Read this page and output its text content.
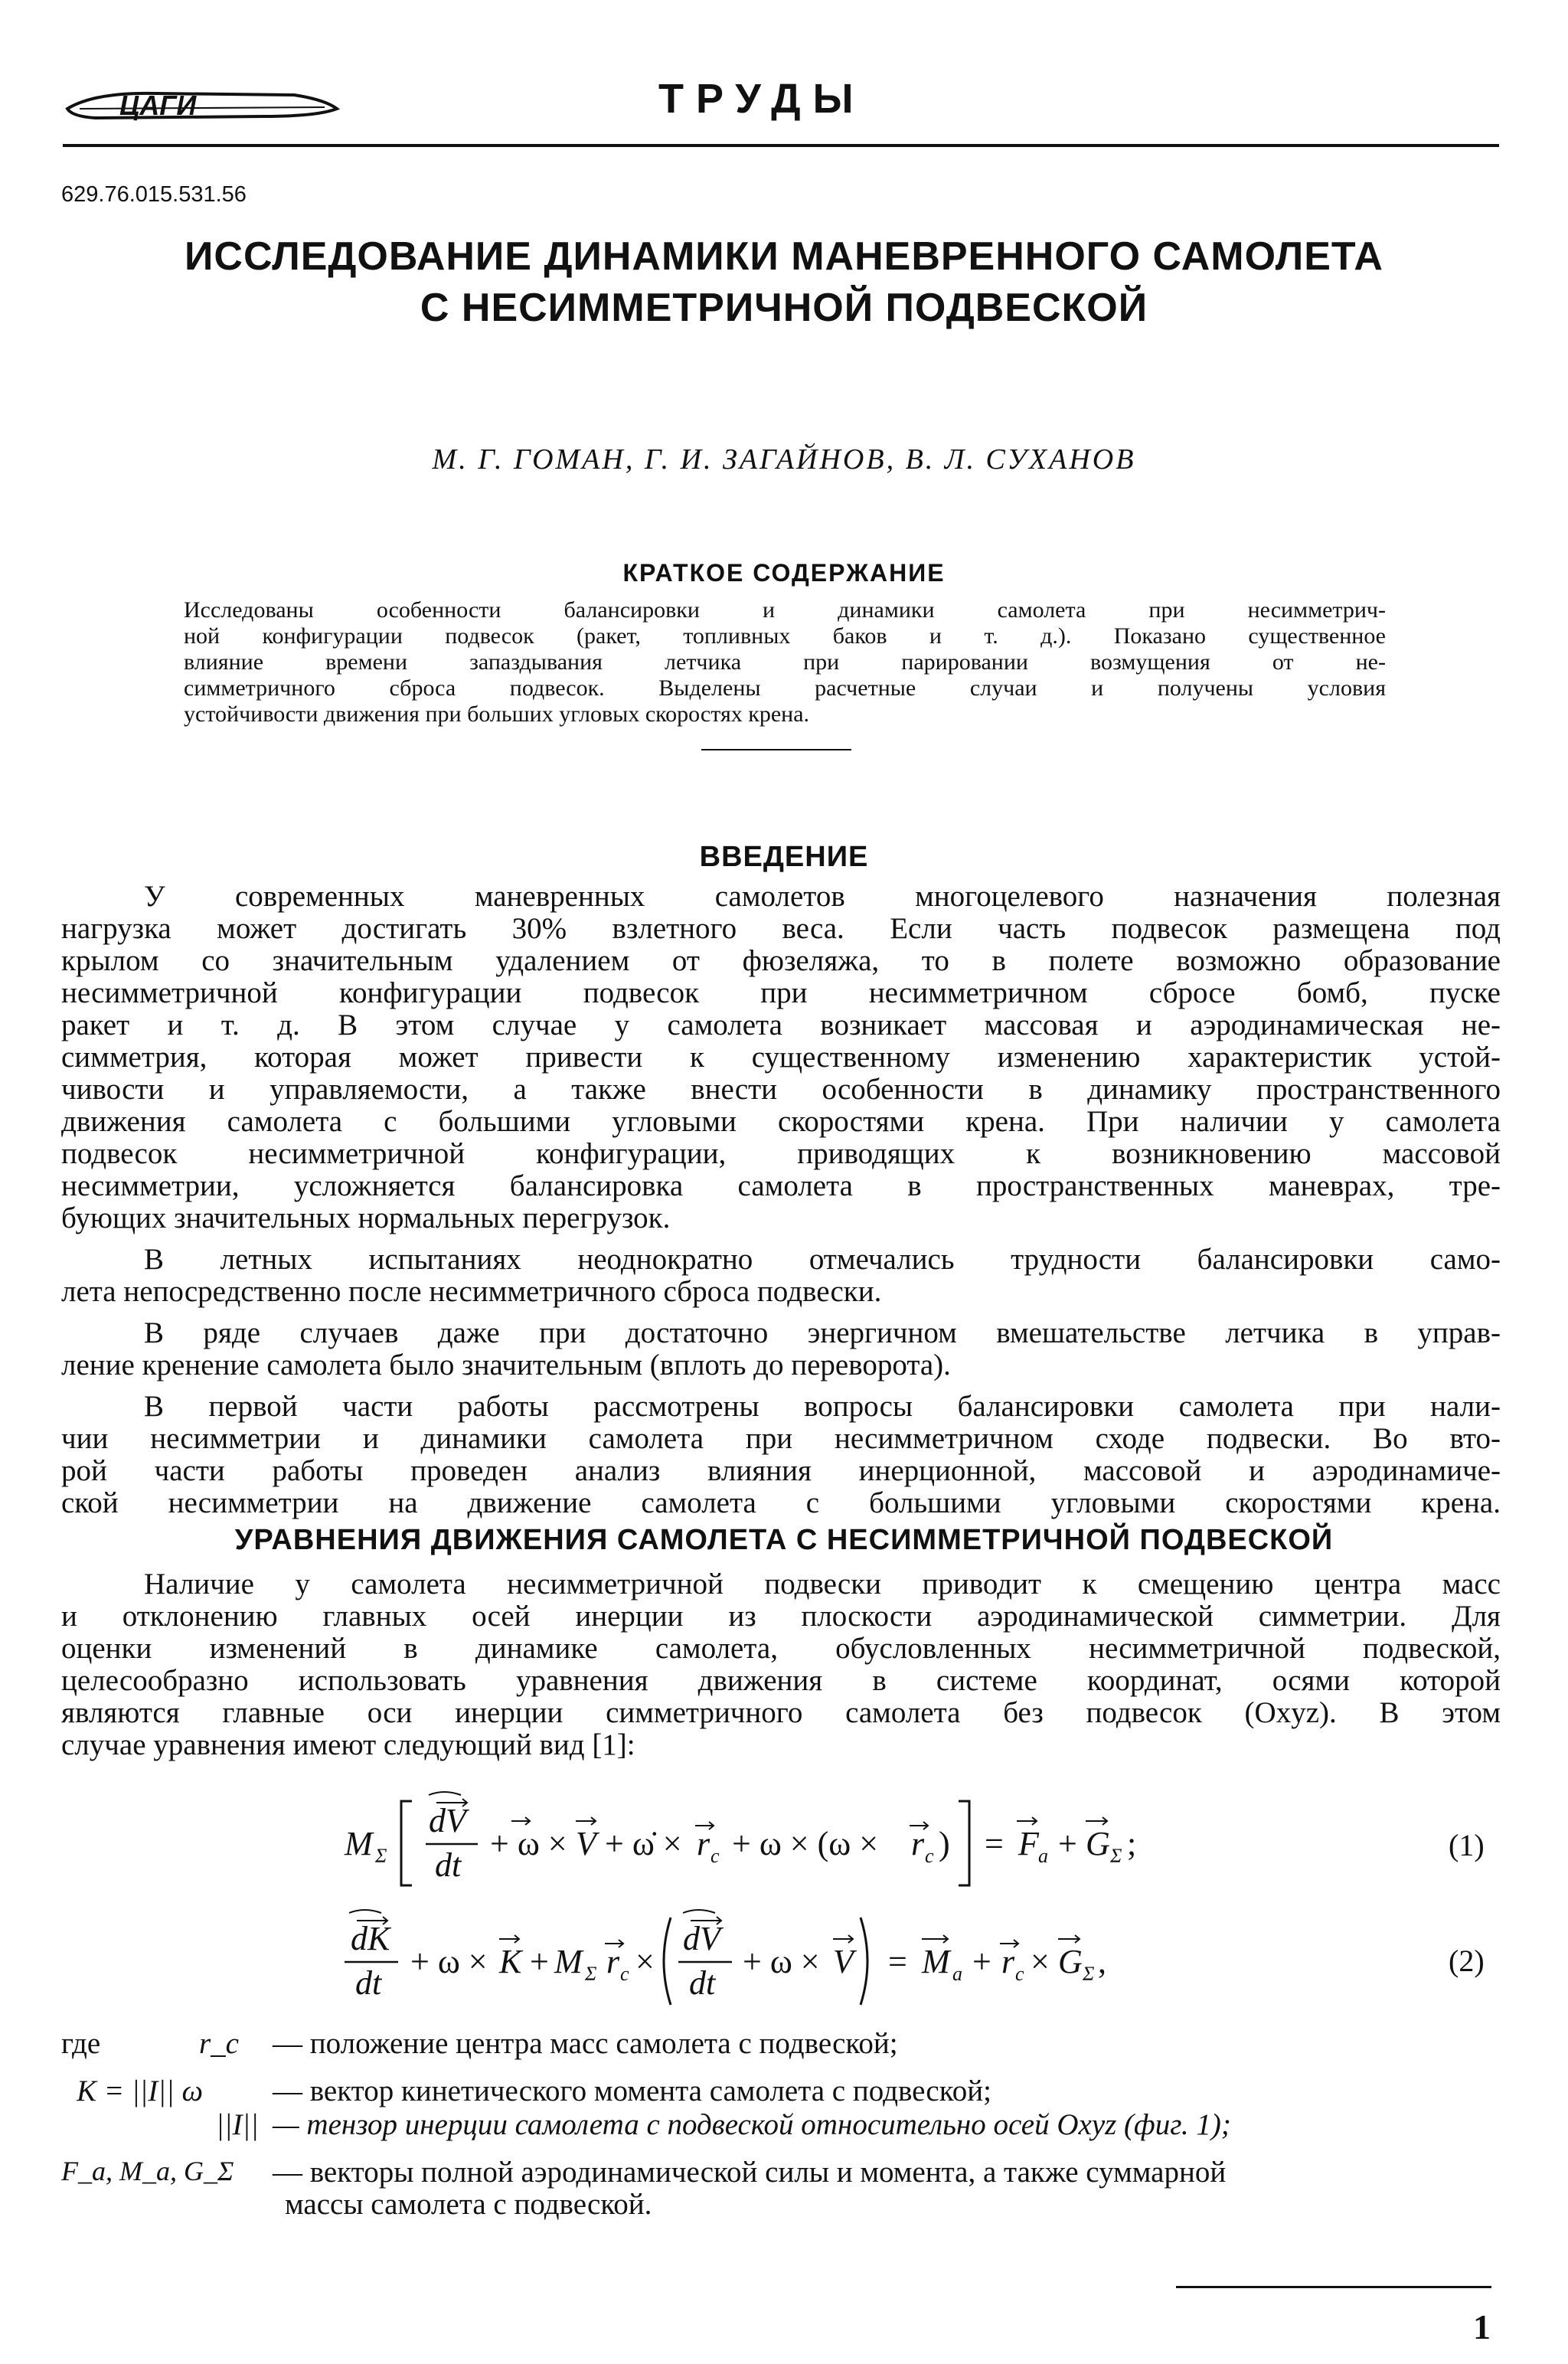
ЦАГИ	ТРУДЫ
629.76.015.531.56
ИССЛЕДОВАНИЕ ДИНАМИКИ МАНЕВРЕННОГО САМОЛЕТА
С НЕСИММЕТРИЧНОЙ ПОДВЕСКОЙ
М. Г. ГОМАН, Г. И. ЗАГАЙНОВ, В. Л. СУХАНОВ
КРАТКОЕ СОДЕРЖАНИЕ
Исследованы особенности балансировки и динамики самолета при несимметрич-
ной конфигурации подвесок (ракет, топливных баков и т. д.). Показано существенное
влияние времени запаздывания летчика при парировании возмущения от не-
симметричного сброса подвесок. Выделены расчетные случаи и получены условия
устойчивости движения при больших угловых скоростях крена.
ВВЕДЕНИЕ
У современных маневренных самолетов многоцелевого назначения полезная
нагрузка может достигать 30% взлетного веса. Если часть подвесок размещена под
крылом со значительным удалением от фюзеляжа, то в полете возможно образование
несимметричной конфигурации подвесок при несимметричном сбросе бомб, пуске
ракет и т. д. В этом случае у самолета возникает массовая и аэродинамическая не-
симметрия, которая может привести к существенному изменению характеристик устой-
чивости и управляемости, а также внести особенности в динамику пространственного
движения самолета с большими угловыми скоростями крена. При наличии у самолета
подвесок несимметричной конфигурации, приводящих к возникновению массовой
несимметрии, усложняется балансировка самолета в пространственных маневрах, тре-
бующих значительных нормальных перегрузок.
В летных испытаниях неоднократно отмечались трудности балансировки само-
лета непосредственно после несимметричного сброса подвески.
В ряде случаев даже при достаточно энергичном вмешательстве летчика в управ-
ление кренение самолета было значительным (вплоть до переворота).
В первой части работы рассмотрены вопросы балансировки самолета при нали-
чии несимметрии и динамики самолета при несимметричном сходе подвески. Во вто-
рой части работы проведен анализ влияния инерционной, массовой и аэродинамиче-
ской несимметрии на движение самолета с большими угловыми скоростями крена.
УРАВНЕНИЯ ДВИЖЕНИЯ САМОЛЕТА С НЕСИММЕТРИЧНОЙ ПОДВЕСКОЙ
Наличие у самолета несимметричной подвески приводит к смещению центра масс
и отклонению главных осей инерции из плоскости аэродинамической симметрии. Для
оценки изменений в динамике самолета, обусловленных несимметричной подвеской,
целесообразно использовать уравнения движения в системе координат, осями которой
являются главные оси инерции симметричного самолета без подвесок (Oxyz). В этом
случае уравнения имеют следующий вид [1]:
M Σ
dV
dt
+ ω × V + ω̇ × r c + ω × (ω × r c ) = F a + G Σ ;	(1)
dK
dt
+ ω × K + M Σ r c ×
dV
dt
+ ω × V = M a + r c × G Σ ,	(2)
где	r_c — положение центра масс самолета с подвеской;
K = ||I|| ω — вектор кинетического момента самолета с подвеской;
||I|| — тензор инерции самолета с подвеской относительно осей Oxyz (фиг. 1);
F_a, M_a, G_Σ — векторы полной аэродинамической силы и момента, а также суммарной
массы самолета с подвеской.
1
